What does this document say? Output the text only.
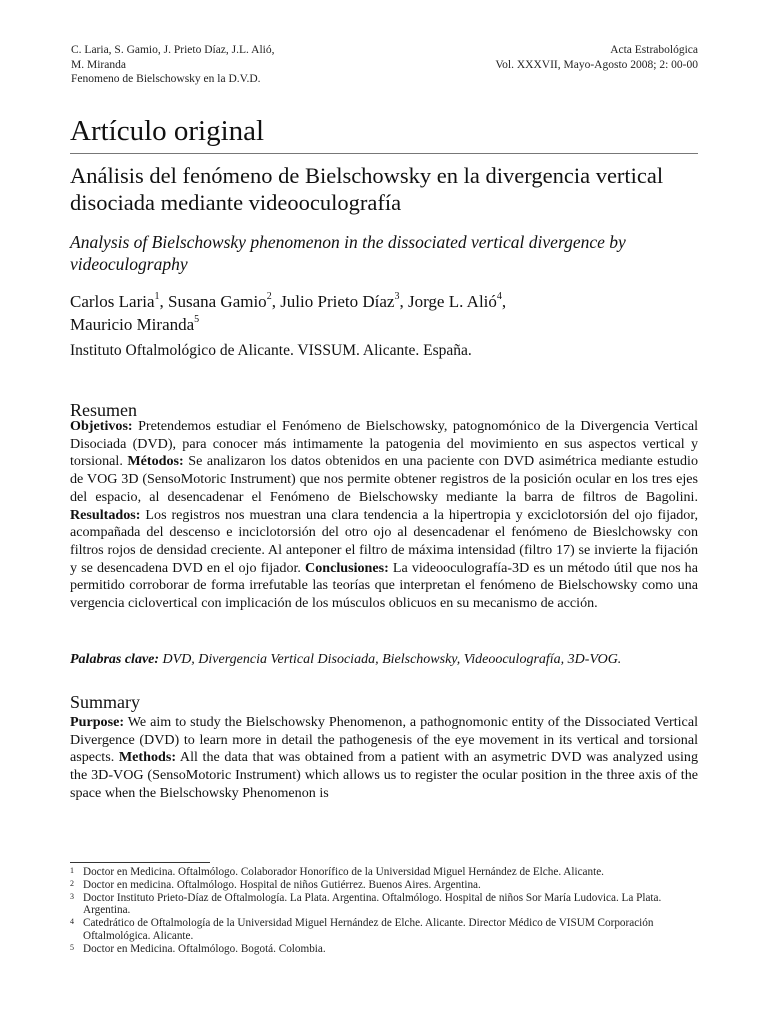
C. Laria, S. Gamio, J. Prieto Díaz, J.L. Alió,
M. Miranda
Fenomeno de Bielschowsky en la D.V.D.
Acta Estrabológica
Vol. XXXVII, Mayo-Agosto 2008; 2: 00-00
Artículo original
Análisis del fenómeno de Bielschowsky en la divergencia vertical disociada mediante videooculografía
Analysis of Bielschowsky phenomenon in the dissociated vertical divergence by videoculography
Carlos Laria$^1$, Susana Gamio$^2$, Julio Prieto Díaz$^3$, Jorge L. Alió$^4$,
Mauricio Miranda$^5$
Instituto Oftalmológico de Alicante. VISSUM. Alicante. España.
Resumen
Objetivos: Pretendemos estudiar el Fenómeno de Bielschowsky, patognomónico de la Divergencia Vertical Disociada (DVD), para conocer más intimamente la patogenia del movimiento en sus aspectos vertical y torsional. Métodos: Se analizaron los datos obtenidos en una paciente con DVD asimétrica mediante estudio de VOG 3D (SensoMotoric Instrument) que nos permite obtener registros de la posición ocular en los tres ejes del espacio, al desencadenar el Fenómeno de Bielschowsky mediante la barra de filtros de Bagolini. Resultados: Los registros nos muestran una clara tendencia a la hipertropia y exciclotorsión del ojo fijador, acompañada del descenso e inciclotorsión del otro ojo al desencadenar el fenómeno de Bieslchowsky con filtros rojos de densidad creciente. Al anteponer el filtro de máxima intensidad (filtro 17) se invierte la fijación y se desencadena DVD en el ojo fijador. Conclusiones: La videooculografía-3D es un método útil que nos ha permitido corroborar de forma irrefutable las teorías que interpretan el fenómeno de Bielschowsky como una vergencia ciclovertical con implicación de los músculos oblicuos en su mecanismo de acción.
Palabras clave: DVD, Divergencia Vertical Disociada, Bielschowsky, Videooculografía, 3D-VOG.
Summary
Purpose: We aim to study the Bielschowsky Phenomenon, a pathognomonic entity of the Dissociated Vertical Divergence (DVD) to learn more in detail the pathogenesis of the eye movement in its vertical and torsional aspects. Methods: All the data that was obtained from a patient with an asymetric DVD was analyzed using the 3D-VOG (SensoMotoric Instrument) which allows us to register the ocular position in the three axis of the space when the Bielschowsky Phenomenon is
1 Doctor en Medicina. Oftalmólogo. Colaborador Honorífico de la Universidad Miguel Hernández de Elche. Alicante.
2 Doctor en medicina. Oftalmólogo. Hospital de niños Gutiérrez. Buenos Aires. Argentina.
3 Doctor Instituto Prieto-Díaz de Oftalmología. La Plata. Argentina. Oftalmólogo. Hospital de niños Sor María Ludovica. La Plata. Argentina.
4 Catedrático de Oftalmología de la Universidad Miguel Hernández de Elche. Alicante. Director Médico de VISUM Corporación Oftalmológica. Alicante.
5 Doctor en Medicina. Oftalmólogo. Bogotá. Colombia.
